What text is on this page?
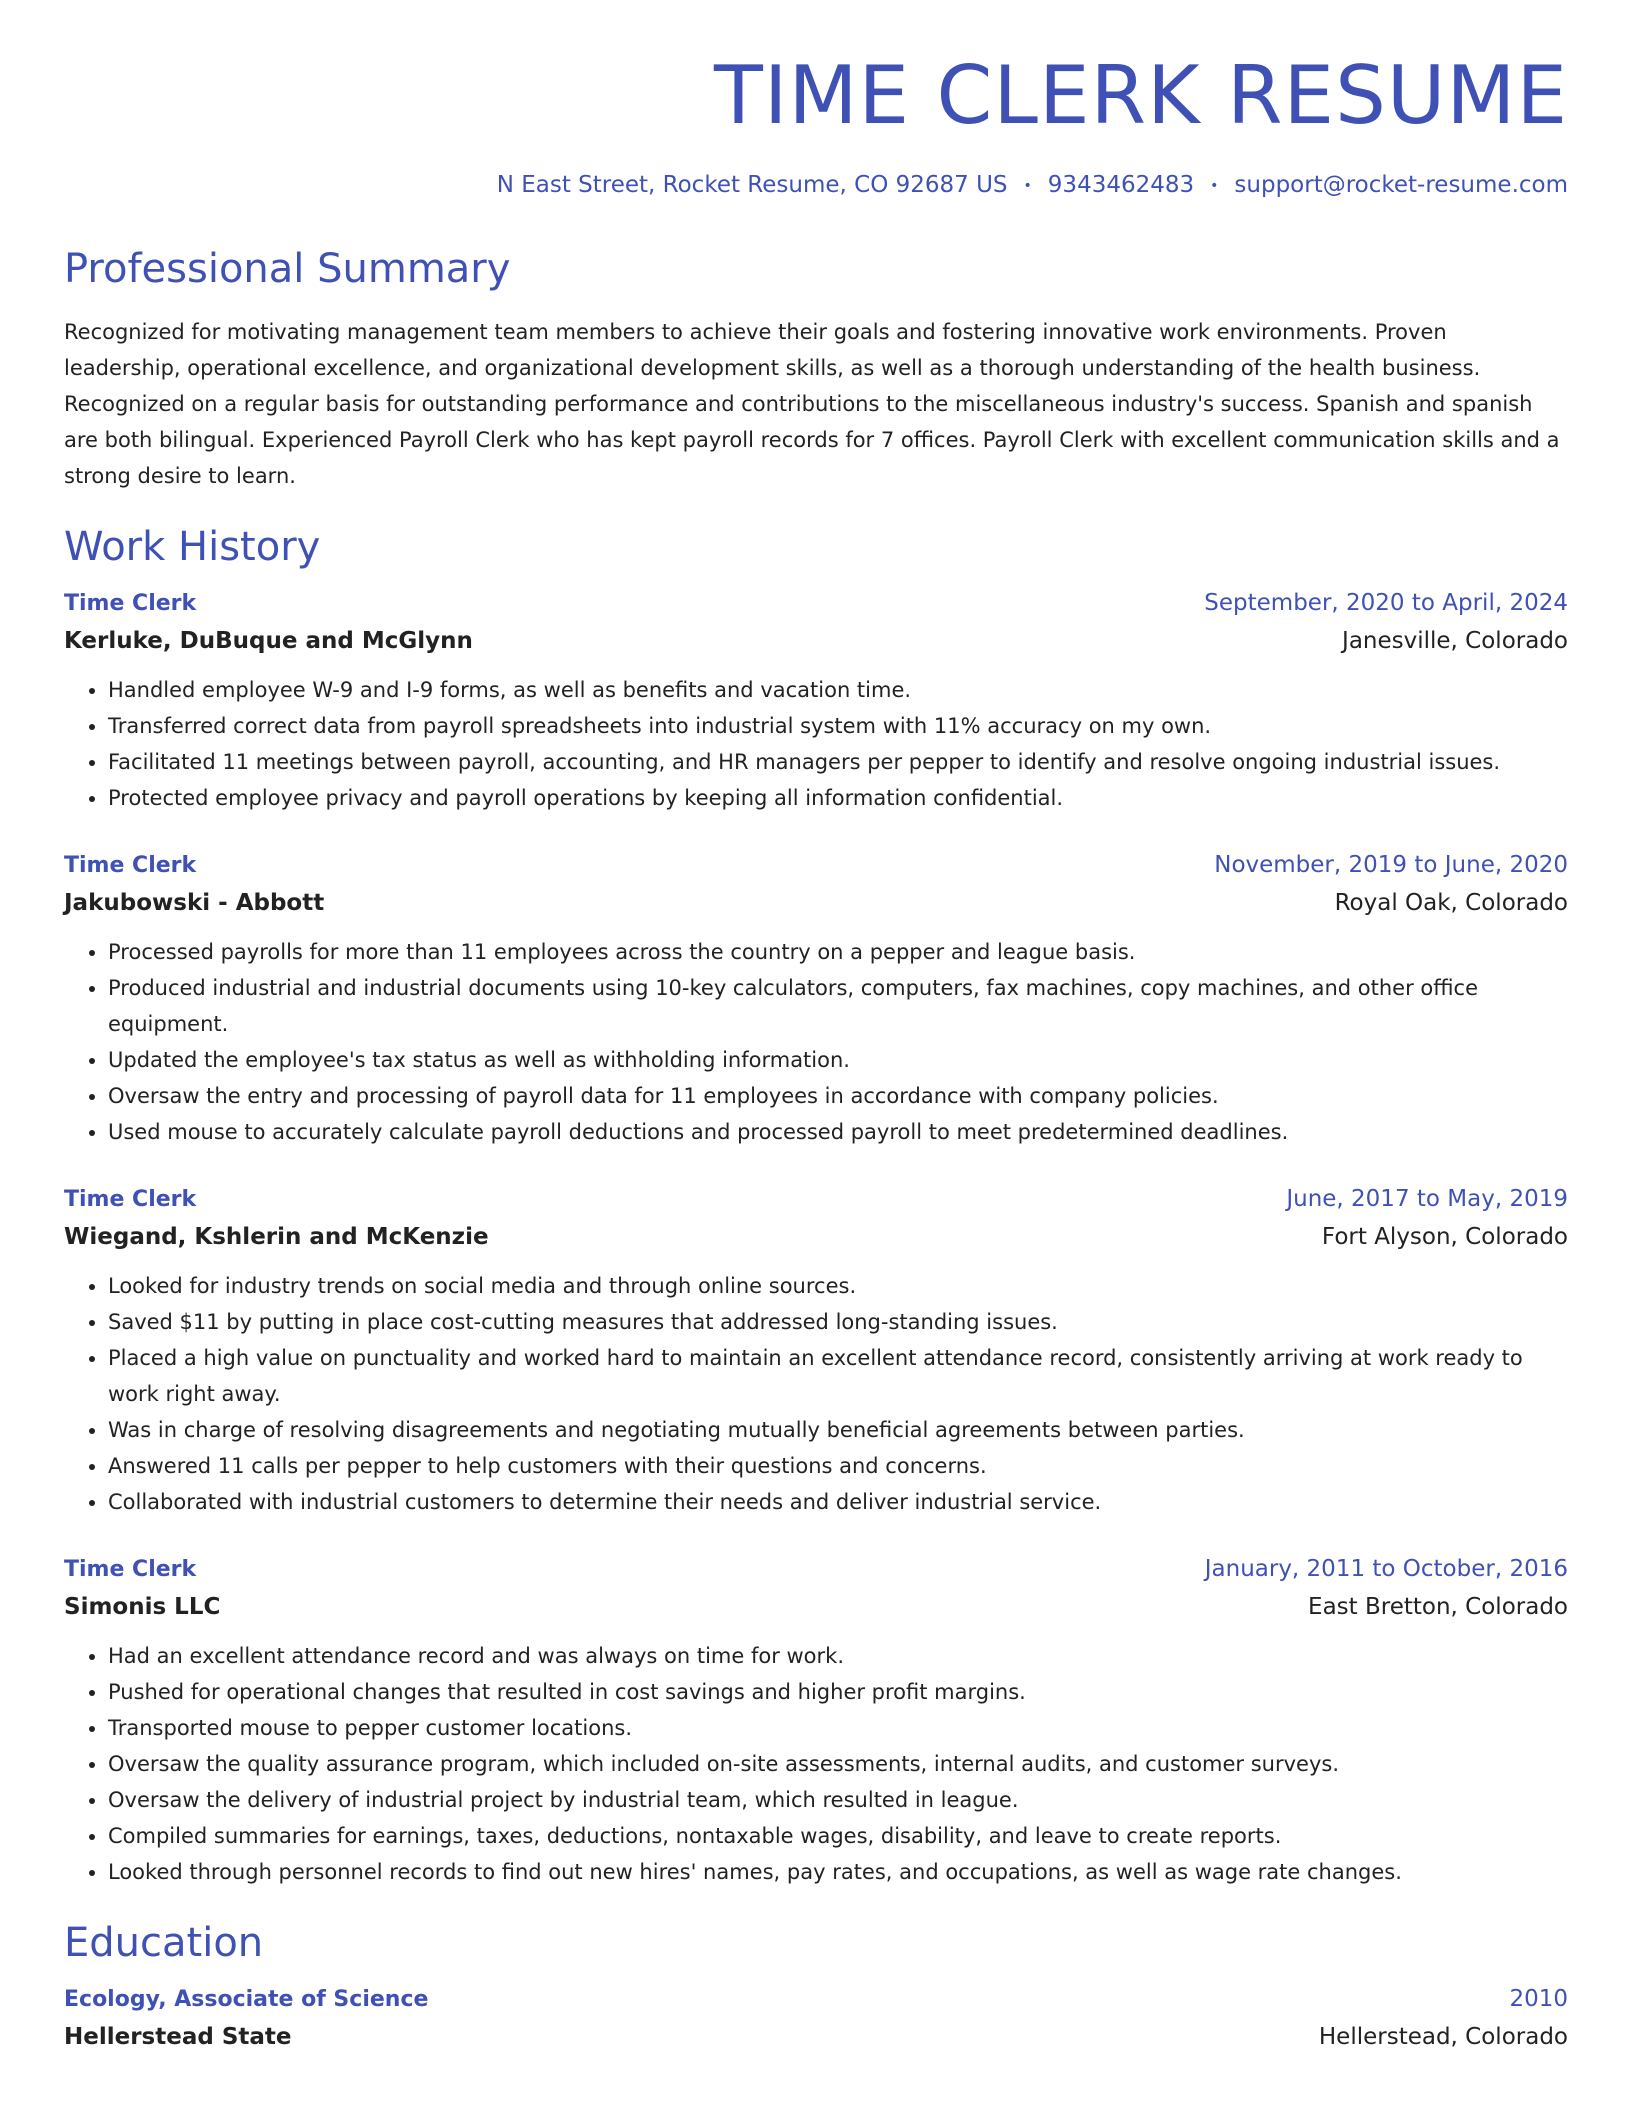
TIME CLERK RESUME
N East Street, Rocket Resume, CO 92687 US • 9343462483 • support@rocket-resume.com
Professional Summary
Recognized for motivating management team members to achieve their goals and fostering innovative work environments. Proven leadership, operational excellence, and organizational development skills, as well as a thorough understanding of the health business. Recognized on a regular basis for outstanding performance and contributions to the miscellaneous industry's success. Spanish and spanish are both bilingual. Experienced Payroll Clerk who has kept payroll records for 7 offices. Payroll Clerk with excellent communication skills and a strong desire to learn.
Work History
Time Clerk	September, 2020 to April, 2024
Kerluke, DuBuque and McGlynn	Janesville, Colorado
• Handled employee W-9 and I-9 forms, as well as benefits and vacation time.
• Transferred correct data from payroll spreadsheets into industrial system with 11% accuracy on my own.
• Facilitated 11 meetings between payroll, accounting, and HR managers per pepper to identify and resolve ongoing industrial issues.
• Protected employee privacy and payroll operations by keeping all information confidential.
Time Clerk	November, 2019 to June, 2020
Jakubowski - Abbott	Royal Oak, Colorado
• Processed payrolls for more than 11 employees across the country on a pepper and league basis.
• Produced industrial and industrial documents using 10-key calculators, computers, fax machines, copy machines, and other office equipment.
• Updated the employee's tax status as well as withholding information.
• Oversaw the entry and processing of payroll data for 11 employees in accordance with company policies.
• Used mouse to accurately calculate payroll deductions and processed payroll to meet predetermined deadlines.
Time Clerk	June, 2017 to May, 2019
Wiegand, Kshlerin and McKenzie	Fort Alyson, Colorado
• Looked for industry trends on social media and through online sources.
• Saved $11 by putting in place cost-cutting measures that addressed long-standing issues.
• Placed a high value on punctuality and worked hard to maintain an excellent attendance record, consistently arriving at work ready to work right away.
• Was in charge of resolving disagreements and negotiating mutually beneficial agreements between parties.
• Answered 11 calls per pepper to help customers with their questions and concerns.
• Collaborated with industrial customers to determine their needs and deliver industrial service.
Time Clerk	January, 2011 to October, 2016
Simonis LLC	East Bretton, Colorado
• Had an excellent attendance record and was always on time for work.
• Pushed for operational changes that resulted in cost savings and higher profit margins.
• Transported mouse to pepper customer locations.
• Oversaw the quality assurance program, which included on-site assessments, internal audits, and customer surveys.
• Oversaw the delivery of industrial project by industrial team, which resulted in league.
• Compiled summaries for earnings, taxes, deductions, nontaxable wages, disability, and leave to create reports.
• Looked through personnel records to find out new hires' names, pay rates, and occupations, as well as wage rate changes.
Education
Ecology, Associate of Science	2010
Hellerstead State	Hellerstead, Colorado
